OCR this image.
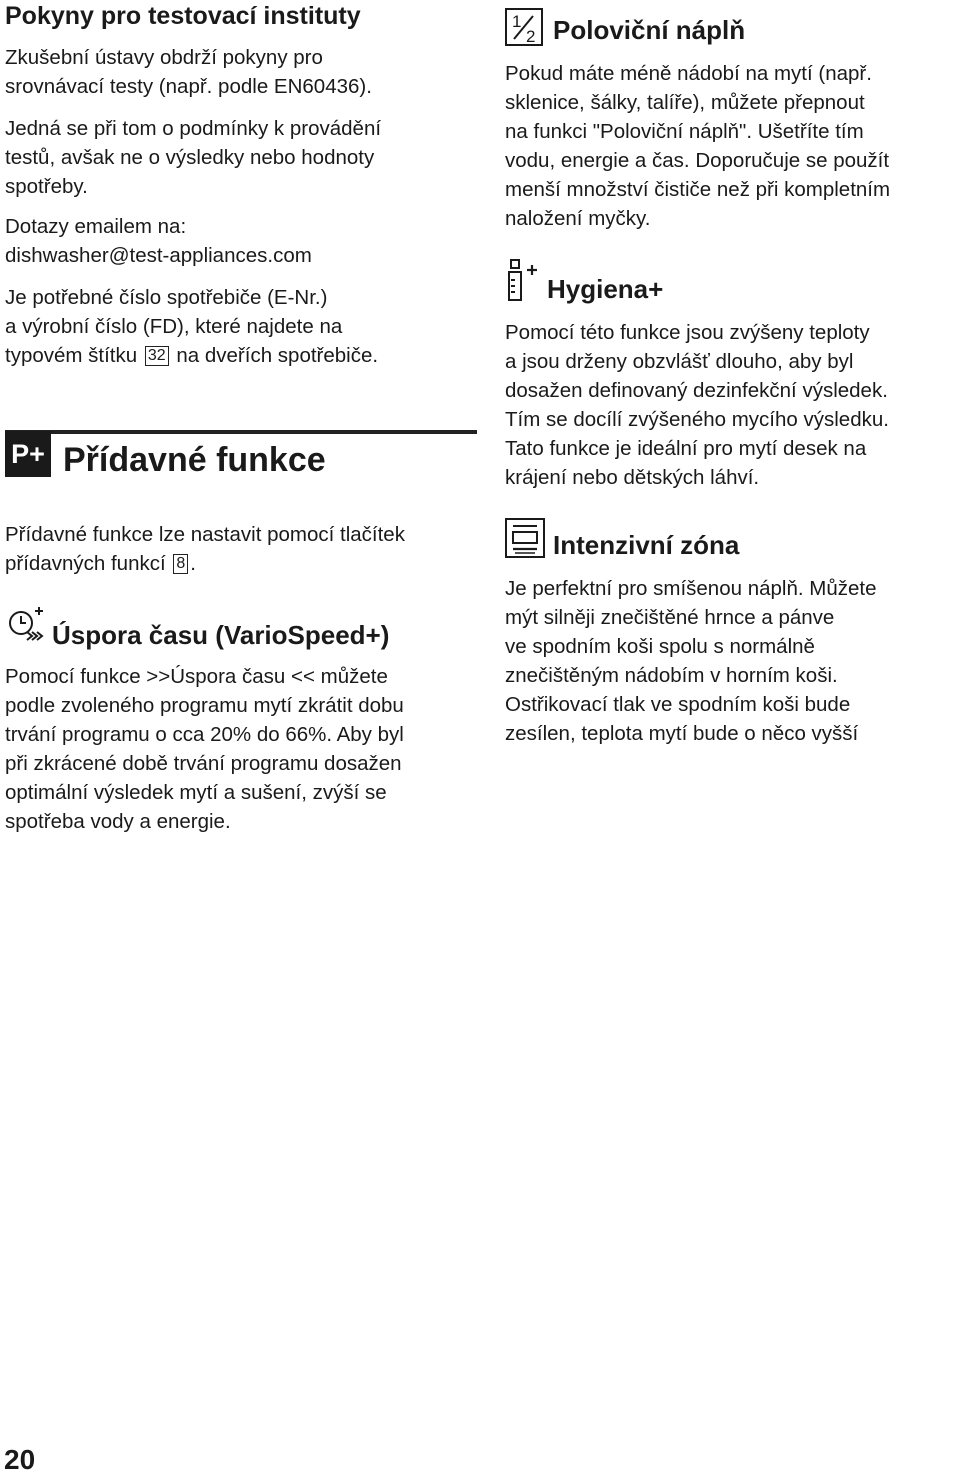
Pokyny pro testovací instituty

Zkušební ústavy obdrží pokyny pro
srovnávací testy (např. podle EN60436).

Jedná se při tom o podmínky k provádění
testů, avšak ne o výsledky nebo hodnoty
spotřeby.

Dotazy emailem na:
dishwasher@test-appliances.com

Je potřebné číslo spotřebiče (E-Nr.)
a výrobní číslo (FD), které najdete na
typovém štítku 32 na dveřích spotřebiče.

P+ Přídavné funkce

Přídavné funkce lze nastavit pomocí tlačítek
přídavných funkcí 8 .

Úspora času (VarioSpeed+)

Pomocí funkce >>Úspora času << můžete
podle zvoleného programu mytí zkrátit dobu
trvání programu o cca 20% do 66%. Aby byl
při zkrácené době trvání programu dosažen
optimální výsledek mytí a sušení, zvýší se
spotřeba vody a energie.

1
2 Poloviční náplň

Pokud máte méně nádobí na mytí (např.
sklenice, šálky, talíře), můžete přepnout
na funkci "Poloviční náplň". Ušetříte tím
vodu, energie a čas. Doporučuje se použít
menší množství čističe než při kompletním
naložení myčky.

Hygiena+

Pomocí této funkce jsou zvýšeny teploty
a jsou drženy obzvlášť dlouho, aby byl
dosažen definovaný dezinfekční výsledek.
Tím se docílí zvýšeného mycího výsledku.
Tato funkce je ideální pro mytí desek na
krájení nebo dětských láhví.

Intenzivní zóna

Je perfektní pro smíšenou náplň. Můžete
mýt silněji znečištěné hrnce a pánve
ve spodním koši spolu s normálně
znečištěným nádobím v horním koši.
Ostřikovací tlak ve spodním koši bude
zesílen, teplota mytí bude o něco vyšší

20
